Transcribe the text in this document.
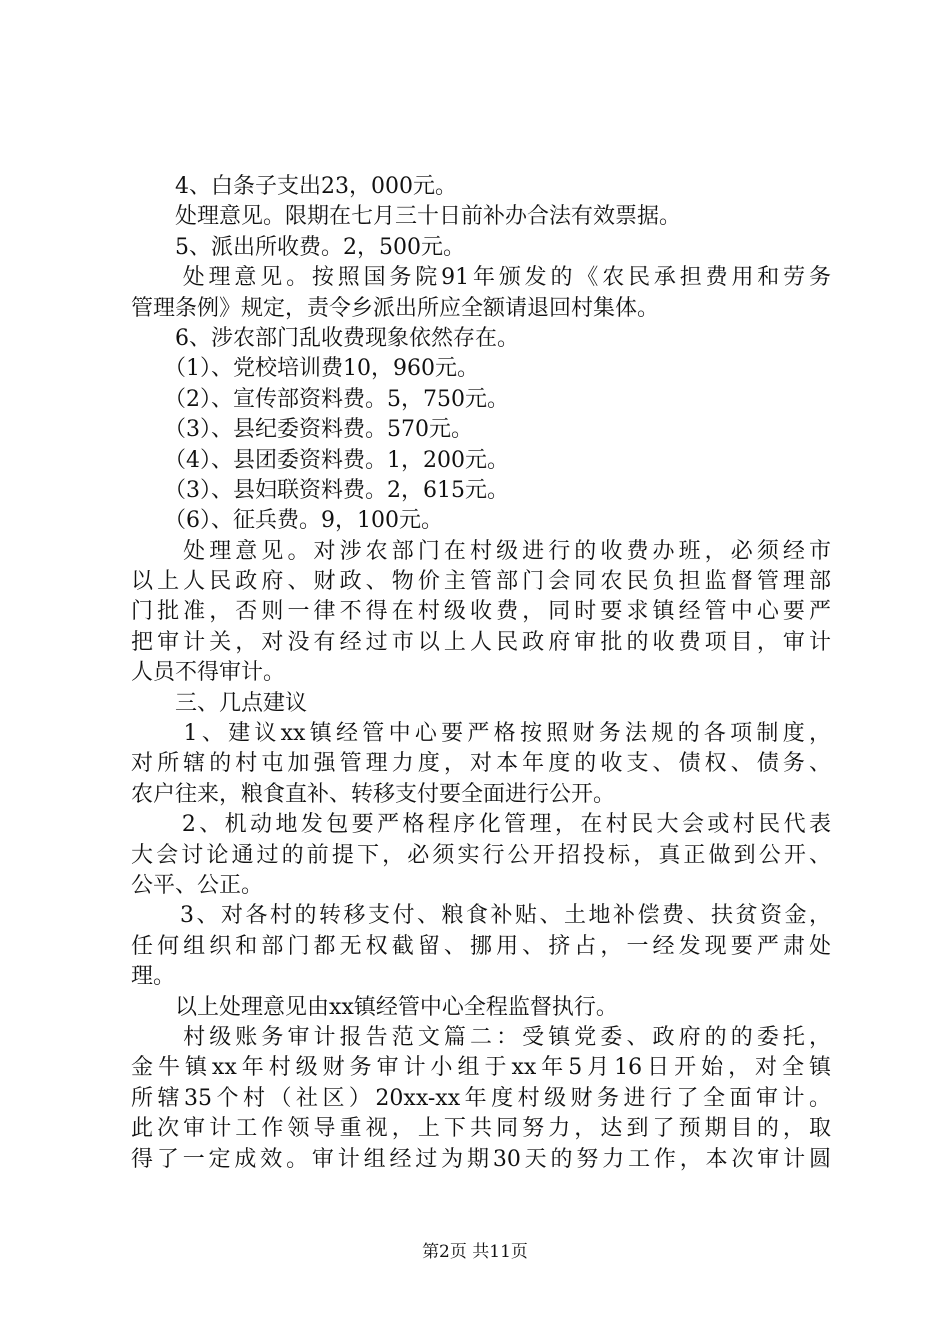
　　4、白条子支出23，000元。
　　处理意见。限期在七月三十日前补办合法有效票据。
　　5、派出所收费。2，500元。
　　处理意见。按照国务院91年颁发的《农民承担费用和劳务
管理条例》规定，责令乡派出所应全额请退回村集体。
　　6、涉农部门乱收费现象依然存在。
　　（1）、党校培训费10，960元。
　　（2）、宣传部资料费。5，750元。
　　（3）、县纪委资料费。570元。
　　（4）、县团委资料费。1，200元。
　　（3）、县妇联资料费。2，615元。
　　（6）、征兵费。9，100元。
　　处理意见。对涉农部门在村级进行的收费办班，必须经市
以上人民政府、财政、物价主管部门会同农民负担监督管理部
门批准，否则一律不得在村级收费，同时要求镇经管中心要严
把审计关，对没有经过市以上人民政府审批的收费项目，审计
人员不得审计。
　　三、几点建议
　　1、建议xx镇经管中心要严格按照财务法规的各项制度，
对所辖的村屯加强管理力度，对本年度的收支、债权、债务、
农户往来，粮食直补、转移支付要全面进行公开。
　　2、机动地发包要严格程序化管理，在村民大会或村民代表
大会讨论通过的前提下，必须实行公开招投标，真正做到公开、
公平、公正。
　　3、对各村的转移支付、粮食补贴、土地补偿费、扶贫资金，
任何组织和部门都无权截留、挪用、挤占，一经发现要严肃处
理。
　　以上处理意见由xx镇经管中心全程监督执行。
　　村级账务审计报告范文篇二：受镇党委、政府的的委托，
金牛镇xx年村级财务审计小组于xx年5月16日开始，对全镇
所辖35个村（社区）20xx-xx年度村级财务进行了全面审计。
此次审计工作领导重视，上下共同努力，达到了预期目的，取
得了一定成效。审计组经过为期30天的努力工作，本次审计圆
第2页 共11页
